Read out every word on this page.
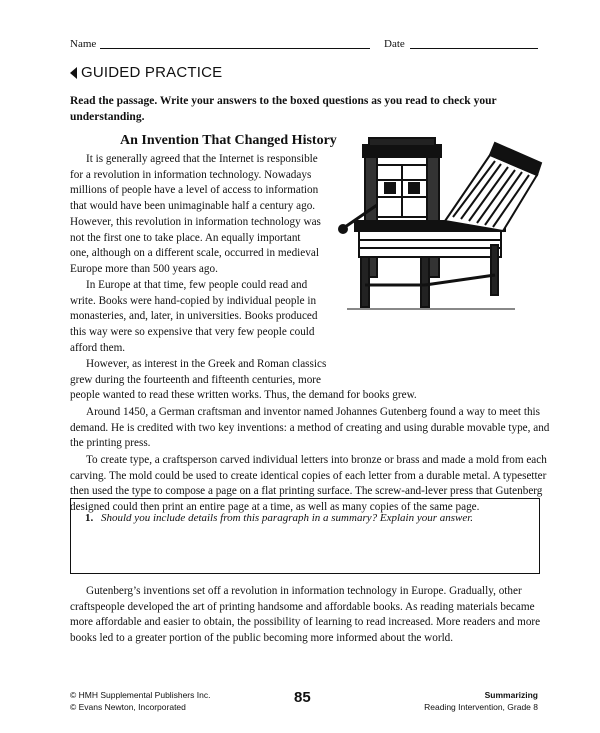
Name	Date
GUIDED PRACTICE
Read the passage. Write your answers to the boxed questions as you read to check your understanding.
An Invention That Changed History

It is generally agreed that the Internet is responsible

for a revolution in information technology. Nowadays
millions of people have a level of access to information
that would have been unimaginable half a century ago.
However, this revolution in information technology was
not the first one to take place. An equally important
one, although on a different scale, occurred in medieval
Europe more than 500 years ago.

In Europe at that time, few people could read and

write. Books were hand-copied by individual people in
monasteries, and, later, in universities. Books produced
this way were so expensive that very few people could
afford them.

However, as interest in the Greek and Roman classics

grew during the fourteenth and fifteenth centuries, more
people wanted to read these written works. Thus, the demand for books grew.

Around 1450, a German craftsman and inventor named Johannes Gutenberg found a way to meet this

demand. He is credited with two key inventions: a method of creating and using durable movable type, and
the printing press.

To create type, a craftsperson carved individual letters into bronze or brass and made a mold from each

carving. The mold could be used to create identical copies of each letter from a durable metal. A typesetter
then used the type to compose a page on a flat printing surface. The screw-and-lever press that Gutenberg
designed could then print an entire page at a time, as well as many copies of the same page.
1. Should you include details from this paragraph in a summary? Explain your answer.

Gutenberg’s inventions set off a revolution in information technology in Europe. Gradually, other

craftspeople developed the art of printing handsome and affordable books. As reading materials became
more affordable and easier to obtain, the possibility of learning to read increased. More readers and more
books led to a greater portion of the public becoming more informed about the world.
© HMH Supplemental Publishers Inc.
© Evans Newton, Incorporated
85	Summarizing
Reading Intervention, Grade 8
